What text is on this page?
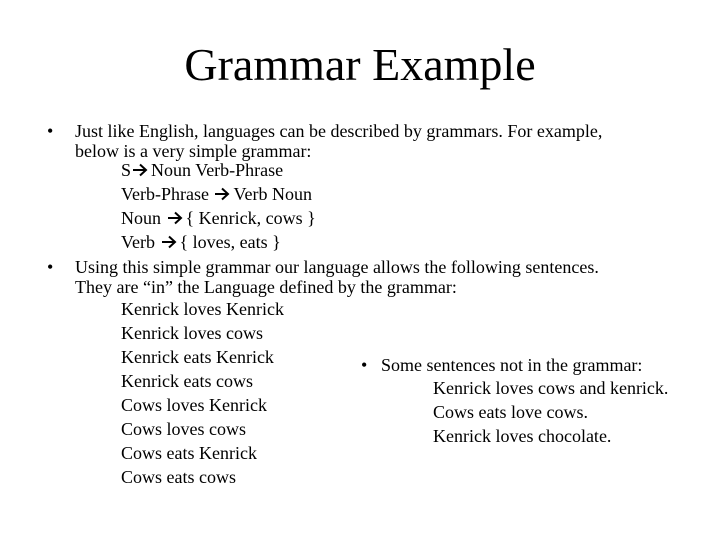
Grammar Example
• Just like English, languages can be described by grammars. For example,
below is a very simple grammar:
S Noun Verb-Phrase
Verb-Phrase Verb Noun
Noun { Kenrick, cows }
Verb { loves, eats }
• Using this simple grammar our language allows the following sentences.
They are “in” the Language defined by the grammar:
Kenrick loves Kenrick
Kenrick loves cows
Kenrick eats Kenrick
Kenrick eats cows
Cows loves Kenrick
Cows loves cows
Cows eats Kenrick
Cows eats cows
• Some sentences not in the grammar:
Kenrick loves cows and kenrick.
Cows eats love cows.
Kenrick loves chocolate.
